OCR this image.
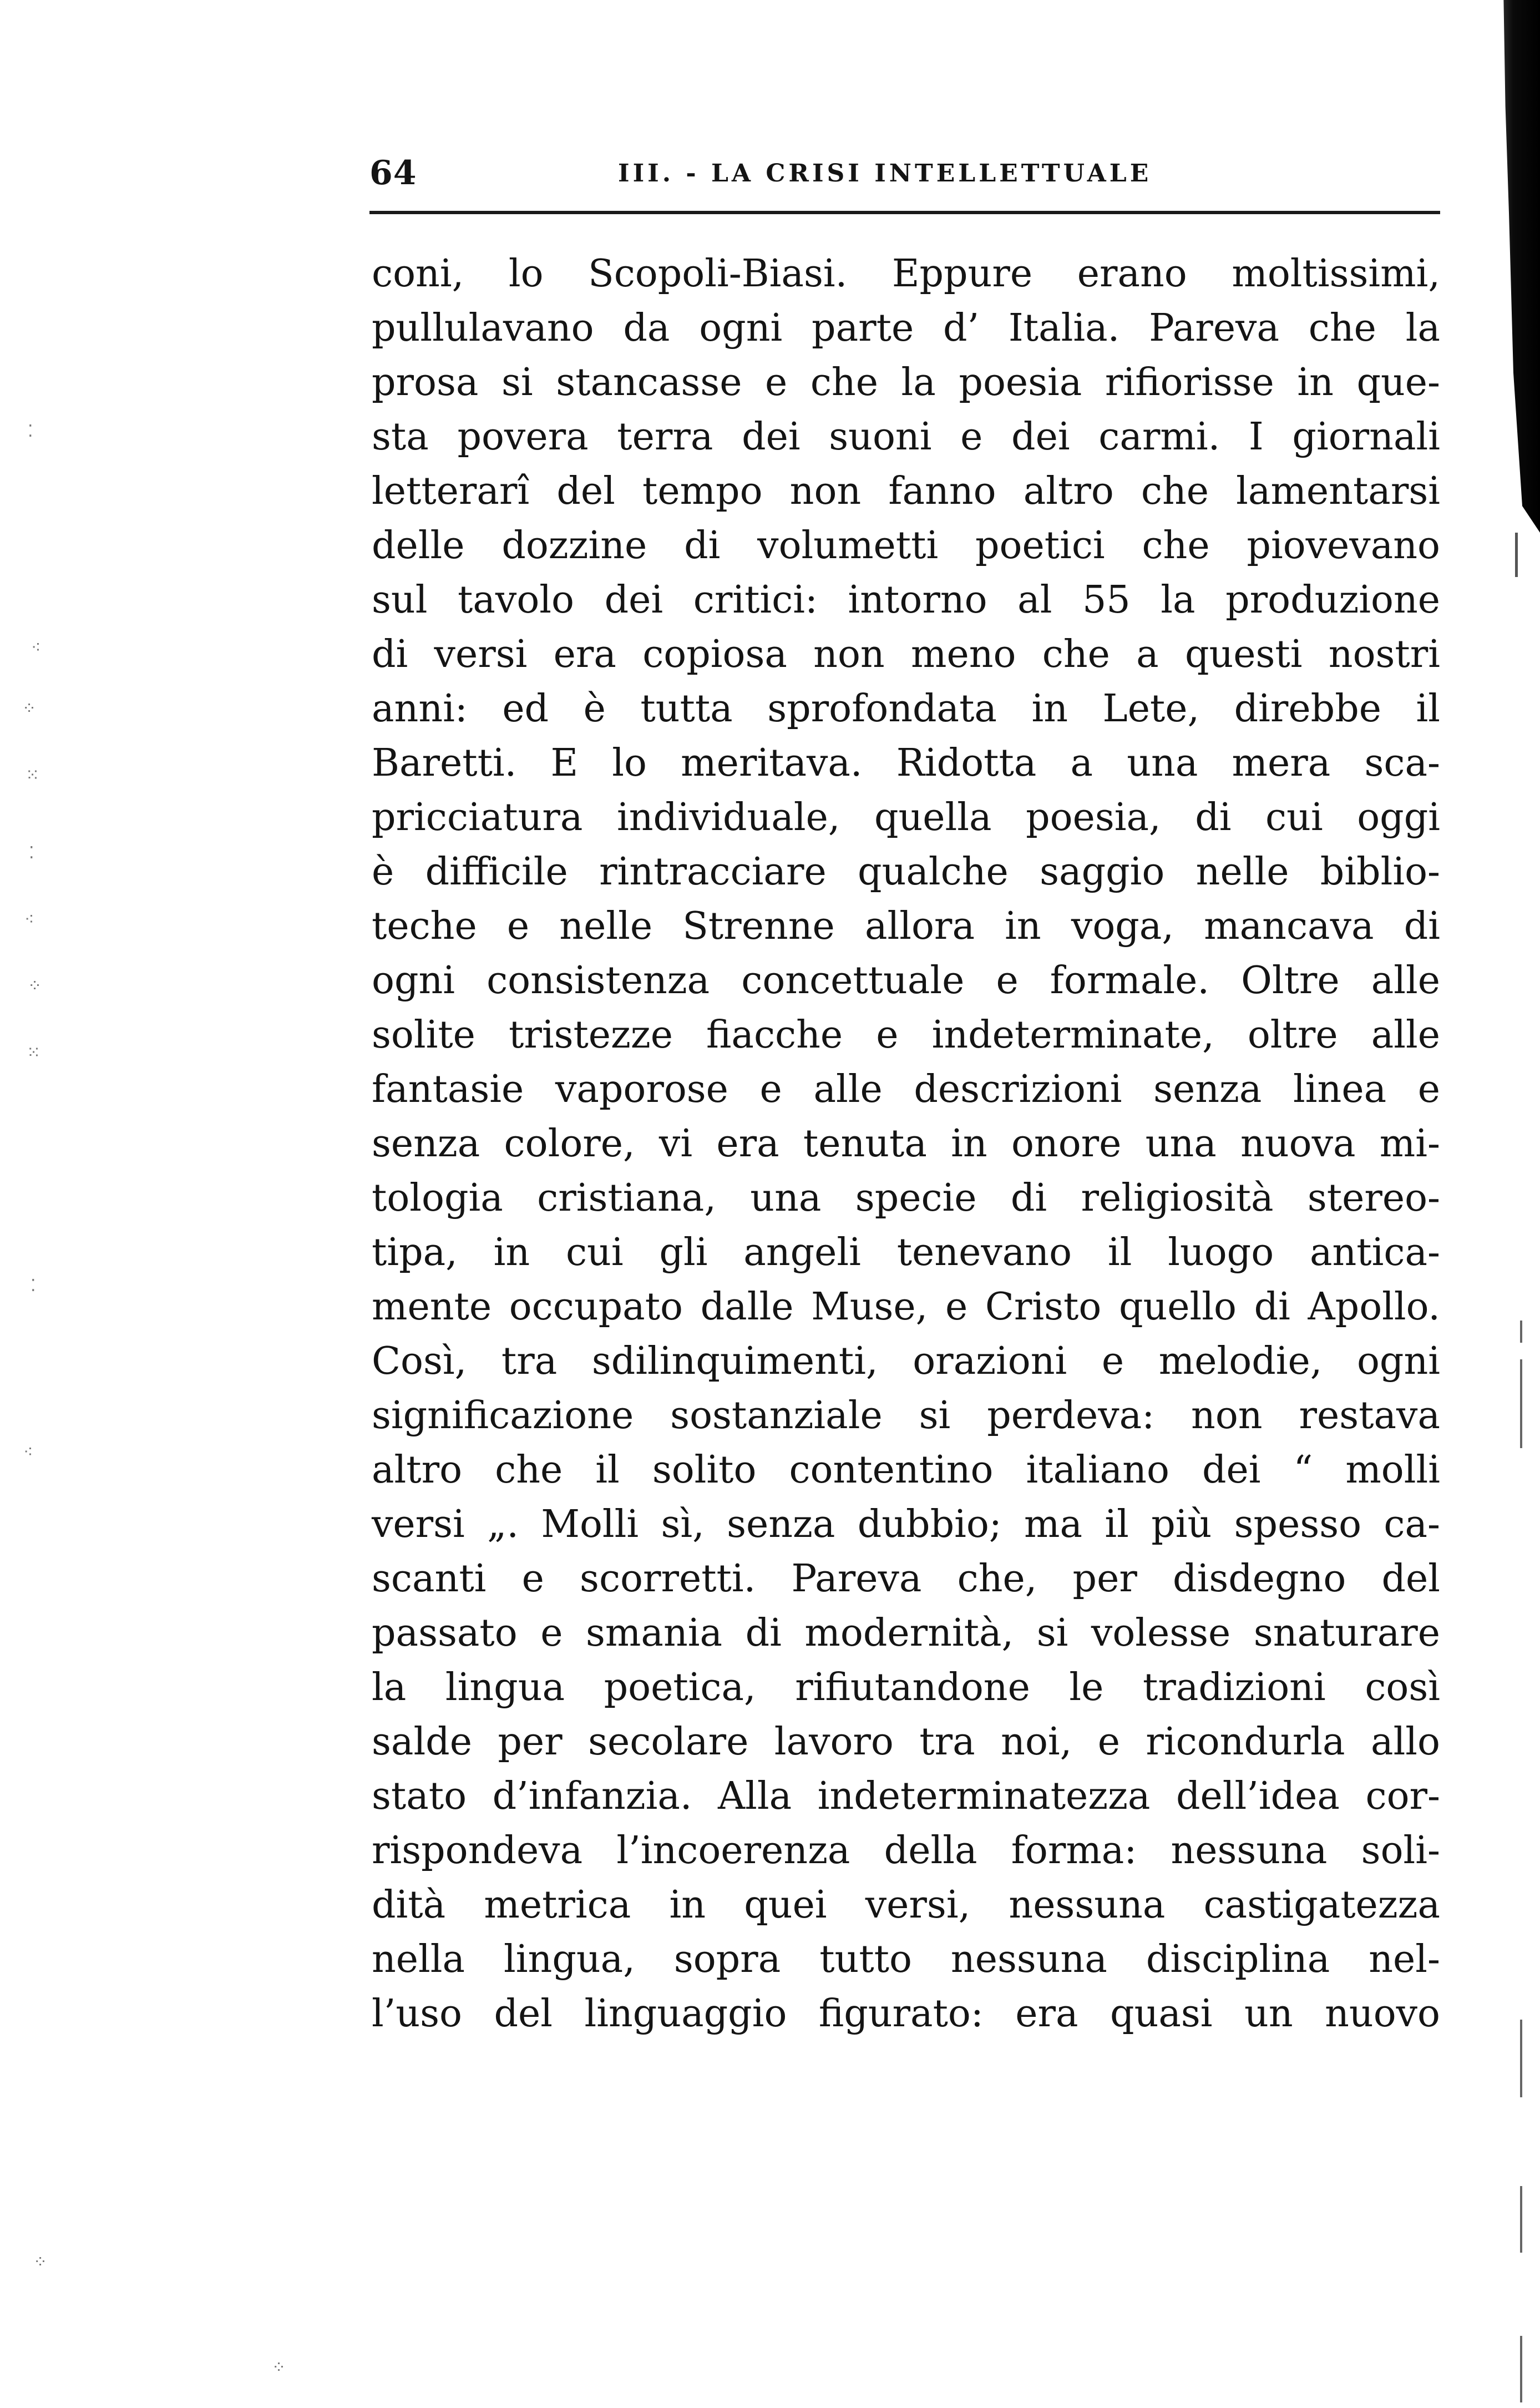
⁚
⁖
⁘
⁙
⁚
⁖
⁘
⁙
⁚
⁖
⁘
⁘
64	III. - LA CRISI INTELLETTUALE
coni, lo Scopoli-Biasi. Eppure erano moltissimi,
pullulavano da ogni parte d’ Italia. Pareva che la
prosa si stancasse e che la poesia rifiorisse in que-
sta povera terra dei suoni e dei carmi. I giornali
letterarî del tempo non fanno altro che lamentarsi
delle dozzine di volumetti poetici che piovevano
sul tavolo dei critici: intorno al 55 la produzione
di versi era copiosa non meno che a questi nostri
anni: ed è tutta sprofondata in Lete, direbbe il
Baretti. E lo meritava. Ridotta a una mera sca-
pricciatura individuale, quella poesia, di cui oggi
è difficile rintracciare qualche saggio nelle biblio-
teche e nelle Strenne allora in voga, mancava di
ogni consistenza concettuale e formale. Oltre alle
solite tristezze fiacche e indeterminate, oltre alle
fantasie vaporose e alle descrizioni senza linea e
senza colore, vi era tenuta in onore una nuova mi-
tologia cristiana, una specie di religiosità stereo-
tipa, in cui gli angeli tenevano il luogo antica-
mente occupato dalle Muse, e Cristo quello di Apollo.
Così, tra sdilinquimenti, orazioni e melodie, ogni
significazione sostanziale si perdeva: non restava
altro che il solito contentino italiano dei “ molli
versi „. Molli sì, senza dubbio; ma il più spesso ca-
scanti e scorretti. Pareva che, per disdegno del
passato e smania di modernità, si volesse snaturare
la lingua poetica, rifiutandone le tradizioni così
salde per secolare lavoro tra noi, e ricondurla allo
stato d’infanzia. Alla indeterminatezza dell’idea cor-
rispondeva l’incoerenza della forma: nessuna soli-
dità metrica in quei versi, nessuna castigatezza
nella lingua, sopra tutto nessuna disciplina nel-
l’uso del linguaggio figurato: era quasi un nuovo
